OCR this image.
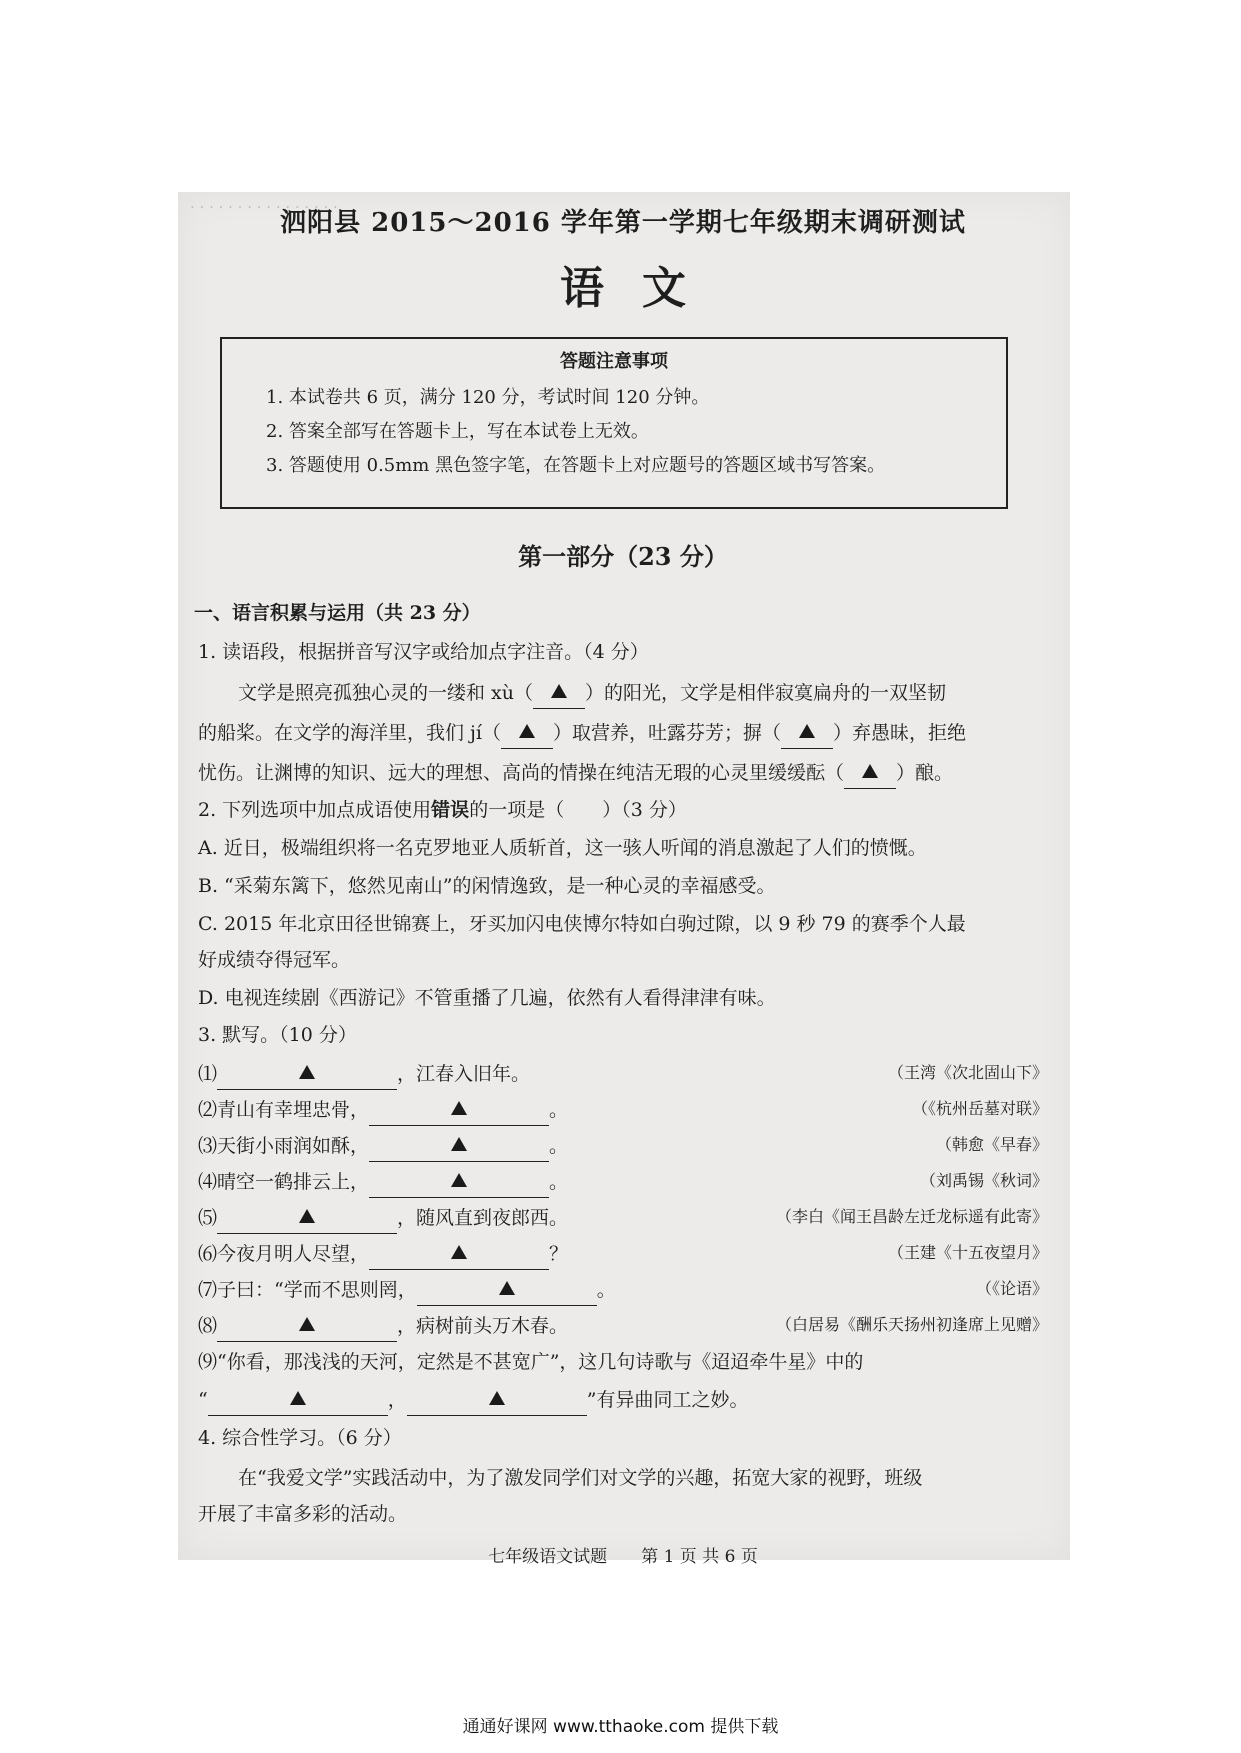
· · · · · · · · · · · · · · · ·
泗阳县 2015～2016 学年第一学期七年级期末调研测试
语文
答题注意事项
1. 本试卷共 6 页，满分 120 分，考试时间 120 分钟。
2. 答案全部写在答题卡上，写在本试卷上无效。
3. 答题使用 0.5mm 黑色签字笔，在答题卡上对应题号的答题区域书写答案。
第一部分（23 分）
一、语言积累与运用（共 23 分）
1. 读语段，根据拼音写汉字或给加点字注音。（4 分）
文学是照亮孤独心灵的一缕和 xù（	）的阳光，文学是相伴寂寞扁舟的一双坚韧
的船桨。在文学的海洋里，我们 jí（	）取营养，吐露芬芳；摒（	）弃愚昧，拒绝
忧伤。让渊博的知识、远大的理想、高尚的情操在纯洁无瑕的心灵里缓缓酝（	）酿。
2. 下列选项中加点成语使用错误的一项是（　　）（3 分）
A. 近日，极端组织将一名克罗地亚人质斩首，这一骇人听闻的消息激起了人们的愤慨。
B. “采菊东篱下，悠然见南山”的闲情逸致，是一种心灵的幸福感受。
C. 2015 年北京田径世锦赛上，牙买加闪电侠博尔特如白驹过隙，以 9 秒 79 的赛季个人最
好成绩夺得冠军。
D. 电视连续剧《西游记》不管重播了几遍，依然有人看得津津有味。
3. 默写。（10 分）
⑴	，江春入旧年。	（王湾《次北固山下》
⑵青山有幸埋忠骨，	。	（《杭州岳墓对联》
⑶天街小雨润如酥，	。	（韩愈《早春》
⑷晴空一鹤排云上，	。	（刘禹锡《秋词》
⑸	，随风直到夜郎西。	（李白《闻王昌龄左迁龙标遥有此寄》
⑹今夜月明人尽望，	？	（王建《十五夜望月》
⑺子曰：“学而不思则罔，	。	（《论语》
⑻	，病树前头万木春。	（白居易《酬乐天扬州初逢席上见赠》
⑼“你看，那浅浅的天河，定然是不甚宽广”，这几句诗歌与《迢迢牵牛星》中的
“	，	”有异曲同工之妙。
4. 综合性学习。（6 分）
在“我爱文学”实践活动中，为了激发同学们对文学的兴趣，拓宽大家的视野，班级
开展了丰富多彩的活动。
七年级语文试题　　第 1 页 共 6 页
通通好课网 www.tthaoke.com 提供下载
